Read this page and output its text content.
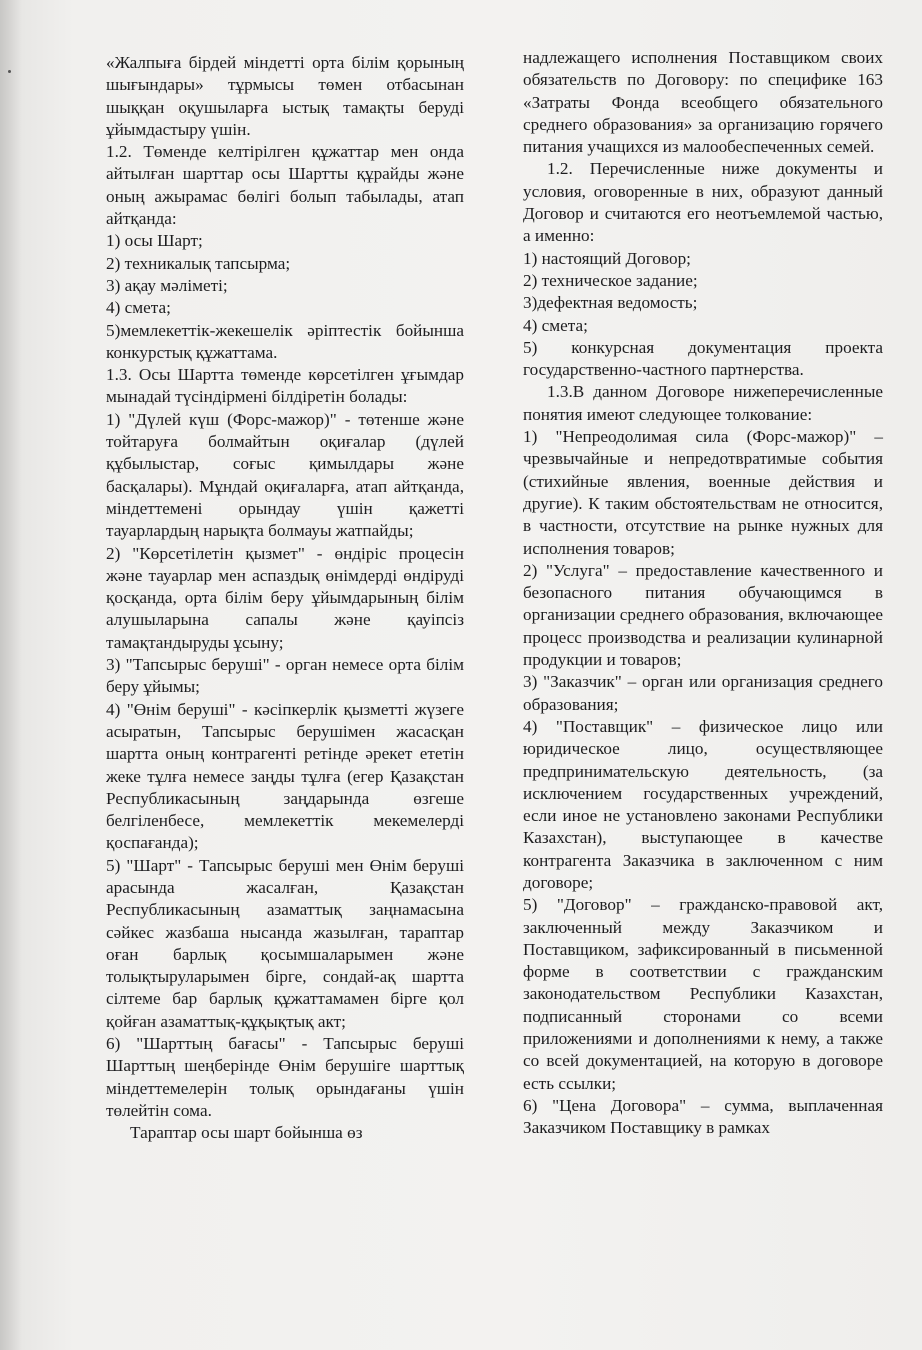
«Жалпыға бірдей міндетті орта білім қорының шығындары» тұрмысы төмен отбасынан шыққан оқушыларға ыстық тамақты беруді ұйымдастыру үшін.

1.2. Төменде келтірілген құжаттар мен онда айтылған шарттар осы Шартты құрайды және оның ажырамас бөлігі болып табылады, атап айтқанда:

1) осы Шарт;

2) техникалық тапсырма;

3) ақау мәліметі;

4) смета;

5)мемлекеттік-жекешелік әріптестік бойынша конкурстық құжаттама.

1.3. Осы Шартта төменде көрсетілген ұғымдар мынадай түсіндірмені білдіретін болады:

1) "Дүлей күш (Форс-мажор)" - төтенше және тойтаруға болмайтын оқиғалар (дүлей құбылыстар, соғыс қимылдары және басқалары). Мұндай оқиғаларға, атап айтқанда, міндеттемені орындау үшін қажетті тауарлардың нарықта болмауы жатпайды;

2) "Көрсетілетін қызмет" - өндіріс процесін және тауарлар мен аспаздық өнімдерді өндіруді қосқанда, орта білім беру ұйымдарының білім алушыларына сапалы және қауіпсіз тамақтандыруды ұсыну;

3) "Тапсырыс беруші" - орган немесе орта білім беру ұйымы;

4) "Өнім беруші" - кәсіпкерлік қызметті жүзеге асыратын, Тапсырыс берушімен жасасқан шартта оның контрагенті ретінде әрекет ететін жеке тұлға немесе заңды тұлға (егер Қазақстан Республикасының заңдарында өзгеше белгіленбесе, мемлекеттік мекемелерді қоспағанда);

5) "Шарт" - Тапсырыс беруші мен Өнім беруші арасында жасалған, Қазақстан Республикасының азаматтық заңнамасына сәйкес жазбаша нысанда жазылған, тараптар оған барлық қосымшаларымен және толықтыруларымен бірге, сондай-ақ шартта сілтеме бар барлық құжаттамамен бірге қол қойған азаматтық-құқықтық акт;

6) "Шарттың бағасы" - Тапсырыс беруші Шарттың шеңберінде Өнім берушіге шарттық міндеттемелерін толық орындағаны үшін төлейтін сома.

Тараптар осы шарт бойынша өз

надлежащего исполнения Поставщиком своих обязательств по Договору: по специфике 163 «Затраты Фонда всеобщего обязательного среднего образования» за организацию горячего питания учащихся из малообеспеченных семей.

1.2. Перечисленные ниже документы и условия, оговоренные в них, образуют данный Договор и считаются его неотъемлемой частью, а именно:

1) настоящий Договор;

2) техническое задание;

3)дефектная ведомость;

4) смета;

5) конкурсная документация проекта государственно-частного партнерства.

1.3.В данном Договоре нижеперечисленные понятия имеют следующее толкование:

1) "Непреодолимая сила (Форс-мажор)" – чрезвычайные и непредотвратимые события (стихийные явления, военные действия и другие). К таким обстоятельствам не относится, в частности, отсутствие на рынке нужных для исполнения товаров;

2) "Услуга" – предоставление качественного и безопасного питания обучающимся в организации среднего образования, включающее процесс производства и реализации кулинарной продукции и товаров;

3) "Заказчик" – орган или организация среднего образования;

4) "Поставщик" – физическое лицо или юридическое лицо, осуществляющее предпринимательскую деятельность, (за исключением государственных учреждений, если иное не установлено законами Республики Казахстан), выступающее в качестве контрагента Заказчика в заключенном с ним договоре;

5) "Договор" – гражданско-правовой акт, заключенный между Заказчиком и Поставщиком, зафиксированный в письменной форме в соответствии с гражданским законодательством Республики Казахстан, подписанный сторонами со всеми приложениями и дополнениями к нему, а также со всей документацией, на которую в договоре есть ссылки;

6) "Цена Договора" – сумма, выплаченная Заказчиком Поставщику в рамках
